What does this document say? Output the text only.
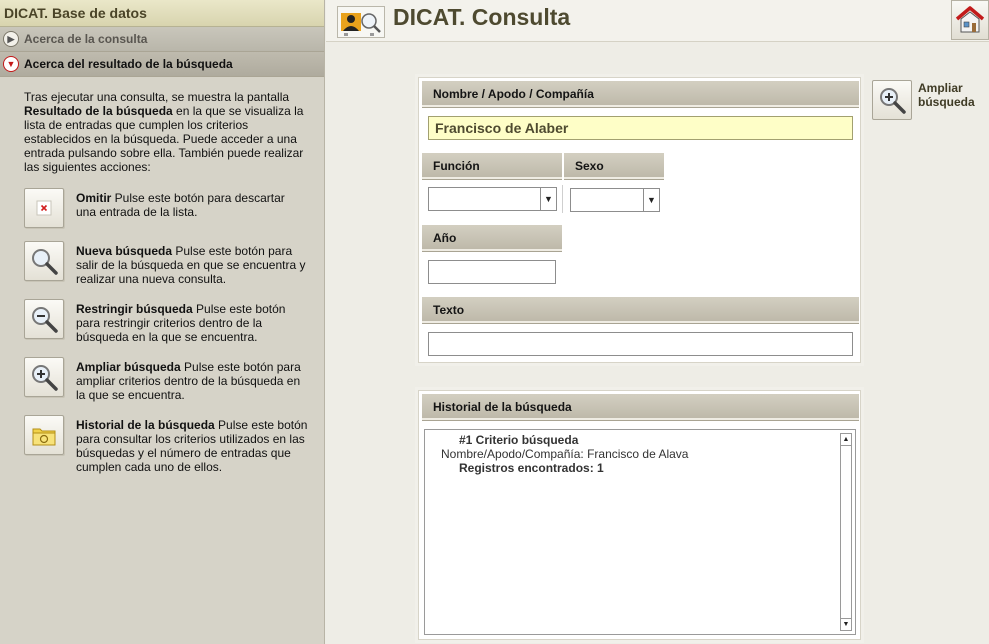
DICAT. Base de datos
▶ Acerca de la consulta
▼ Acerca del resultado de la búsqueda

Tras ejecutar una consulta, se muestra la pantalla Resultado de la búsqueda en la que se visualiza la lista de entradas que cumplen los criterios establecidos en la búsqueda. Puede acceder a una entrada pulsando sobre ella. También puede realizar las siguientes acciones:

Omitir Pulse este botón para descartar una entrada de la lista.
Nueva búsqueda Pulse este botón para salir de la búsqueda en que se encuentra y realizar una nueva consulta.
Restringir búsqueda Pulse este botón para restringir criterios dentro de la búsqueda en la que se encuentra.
Ampliar búsqueda Pulse este botón para ampliar criterios dentro de la búsqueda en la que se encuentra.
Historial de la búsqueda Pulse este botón para consultar los criterios utilizados en las búsquedas y el número de entradas que cumplen cada uno de ellos.
DICAT. Consulta
Nombre / Apodo / Compañía
Francisco de Alaber
Función	Sexo
▼	▼
Año
Texto
Ampliar búsqueda
Historial de la búsqueda
#1 Criterio búsqueda
Nombre/Apodo/Compañía: Francisco de Alava
Registros encontrados: 1
▲
▼
